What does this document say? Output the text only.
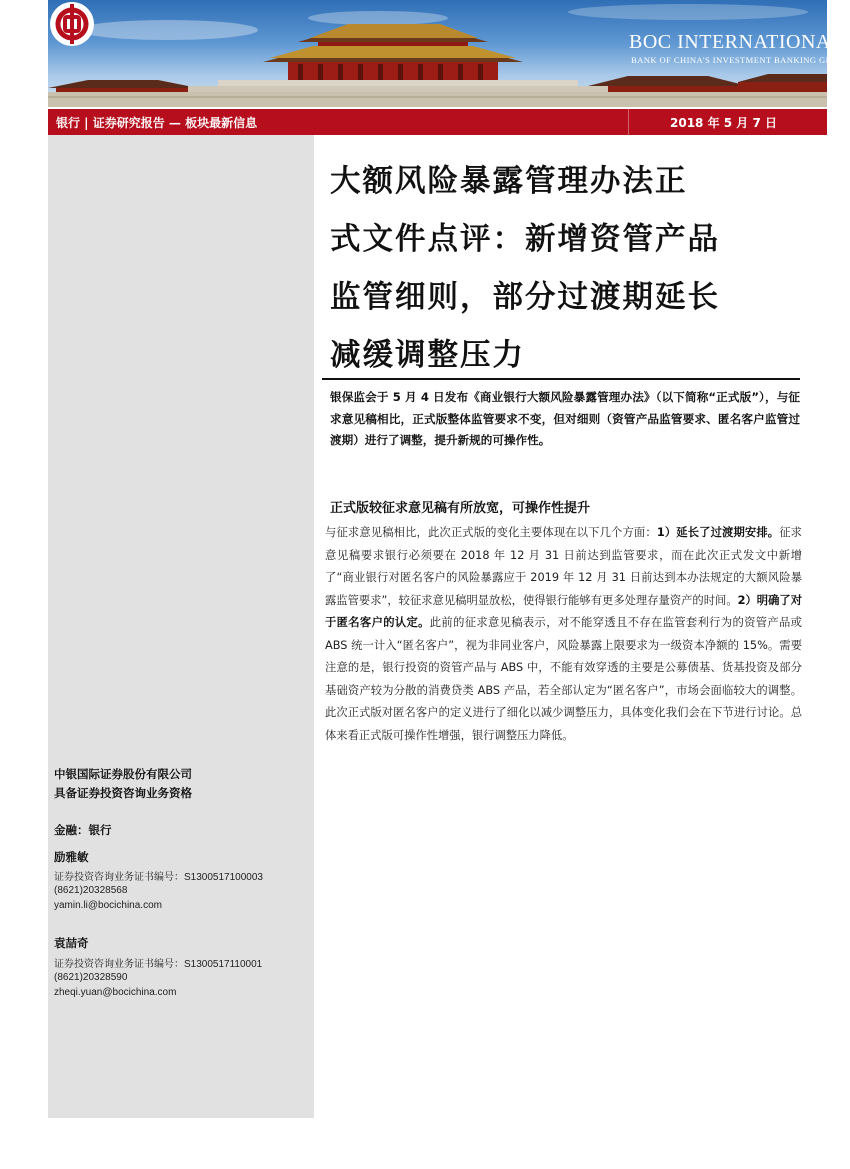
BOC INTERNATIONAL
BANK OF CHINA'S INVESTMENT BANKING GROUP
银行 | 证券研究报告 — 板块最新信息	2018 年 5 月 7 日
中银国际证券股份有限公司
具备证券投资咨询业务资格
金融：银行
励雅敏
证券投资咨询业务证书编号：S1300517100003
(8621)20328568
yamin.li@bocichina.com
袁喆奇
证券投资咨询业务证书编号：S1300517110001
(8621)20328590
zheqi.yuan@bocichina.com
大额风险暴露管理办法正
式文件点评：新增资管产品
监管细则，部分过渡期延长
减缓调整压力
银保监会于 5 月 4 日发布《商业银行大额风险暴露管理办法》（以下简称“正式版”），与征求意见稿相比，正式版整体监管要求不变，但对细则（资管产品监管要求、匿名客户监管过渡期）进行了调整，提升新规的可操作性。
正式版较征求意见稿有所放宽，可操作性提升
与征求意见稿相比，此次正式版的变化主要体现在以下几个方面：1）延长了过渡期安排。征求意见稿要求银行必须要在 2018 年 12 月 31 日前达到监管要求，而在此次正式发文中新增了“商业银行对匿名客户的风险暴露应于 2019 年 12 月 31 日前达到本办法规定的大额风险暴露监管要求”，较征求意见稿明显放松，使得银行能够有更多处理存量资产的时间。2）明确了对于匿名客户的认定。此前的征求意见稿表示，对不能穿透且不存在监管套利行为的资管产品或 ABS 统一计入“匿名客户”，视为非同业客户，风险暴露上限要求为一级资本净额的 15%。需要注意的是，银行投资的资管产品与 ABS 中，不能有效穿透的主要是公募债基、货基投资及部分基础资产较为分散的消费贷类 ABS 产品，若全部认定为“匿名客户”，市场会面临较大的调整。此次正式版对匿名客户的定义进行了细化以减少调整压力，具体变化我们会在下节进行讨论。总体来看正式版可操作性增强，银行调整压力降低。
